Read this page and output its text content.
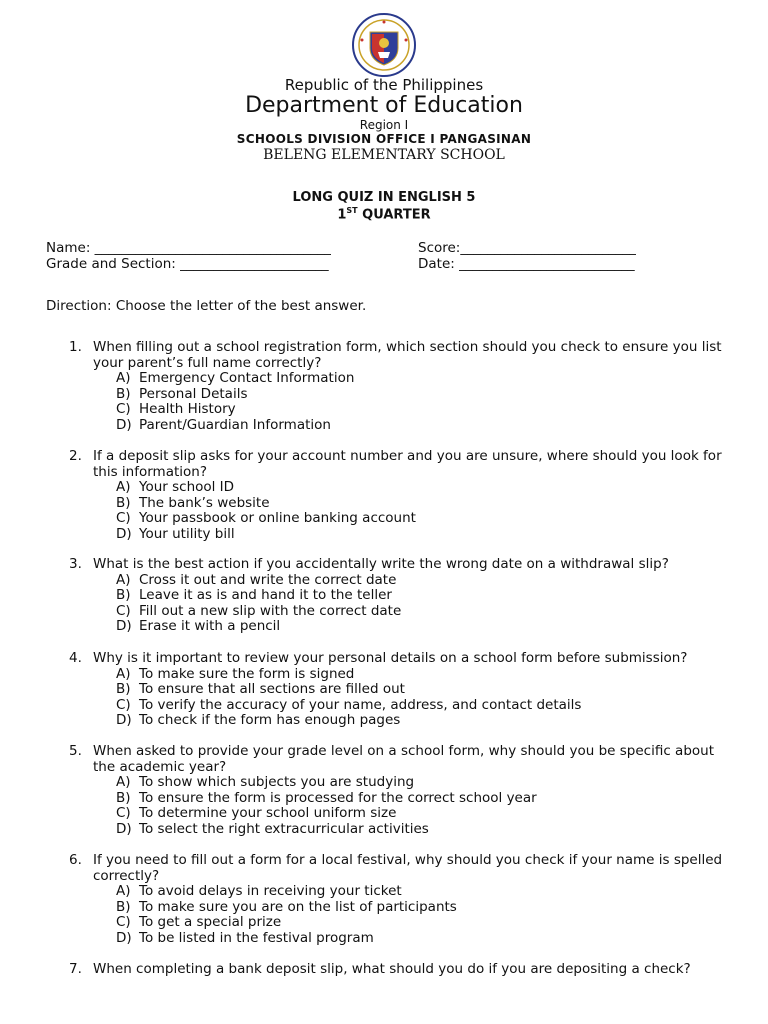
Republic of the Philippines
Department of Education
Region I
SCHOOLS DIVISION OFFICE I PANGASINAN
BELENG ELEMENTARY SCHOOL
LONG QUIZ IN ENGLISH 5
1ST QUARTER
Name: ___________________________________	Score:__________________________
Grade and Section: ______________________	Date: __________________________
Direction: Choose the letter of the best answer.
1. When filling out a school registration form, which section should you check to ensure you list your parent’s full name correctly?
A) Emergency Contact Information
B) Personal Details
C) Health History
D) Parent/Guardian Information
2. If a deposit slip asks for your account number and you are unsure, where should you look for this information?
A) Your school ID
B) The bank’s website
C) Your passbook or online banking account
D) Your utility bill
3. What is the best action if you accidentally write the wrong date on a withdrawal slip?
A) Cross it out and write the correct date
B) Leave it as is and hand it to the teller
C) Fill out a new slip with the correct date
D) Erase it with a pencil
4. Why is it important to review your personal details on a school form before submission?
A) To make sure the form is signed
B) To ensure that all sections are filled out
C) To verify the accuracy of your name, address, and contact details
D) To check if the form has enough pages
5. When asked to provide your grade level on a school form, why should you be specific about the academic year?
A) To show which subjects you are studying
B) To ensure the form is processed for the correct school year
C) To determine your school uniform size
D) To select the right extracurricular activities
6. If you need to fill out a form for a local festival, why should you check if your name is spelled correctly?
A) To avoid delays in receiving your ticket
B) To make sure you are on the list of participants
C) To get a special prize
D) To be listed in the festival program
7. When completing a bank deposit slip, what should you do if you are depositing a check?
